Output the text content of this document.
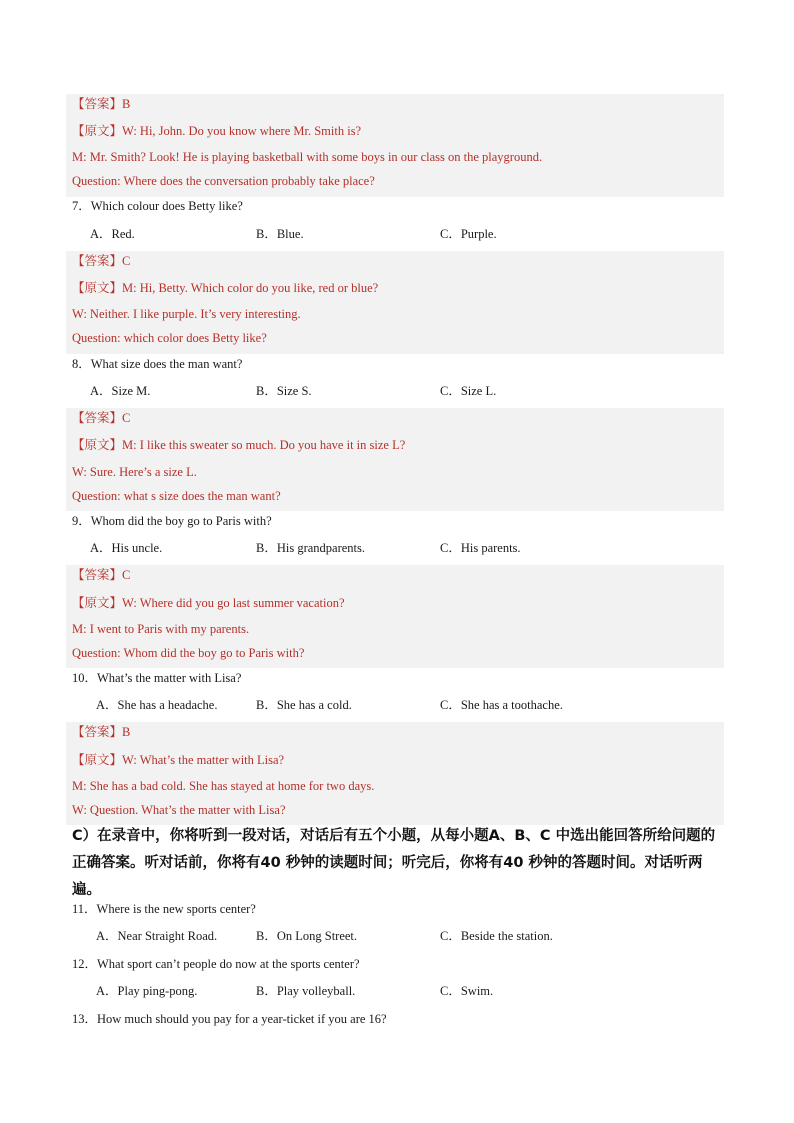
【答案】B
【原文】W: Hi, John. Do you know where Mr. Smith is?
M: Mr. Smith? Look! He is playing basketball with some boys in our class on the playground.
Question: Where does the conversation probably take place?
7．Which colour does Betty like?
A．Red.	B．Blue.	C．Purple.
【答案】C
【原文】M: Hi, Betty. Which color do you like, red or blue?
W: Neither. I like purple. It’s very interesting.
Question: which color does Betty like?
8．What size does the man want?
A．Size M.	B．Size S.	C．Size L.
【答案】C
【原文】M: I like this sweater so much. Do you have it in size L?
W: Sure. Here’s a size L.
Question: what s size does the man want?
9．Whom did the boy go to Paris with?
A．His uncle.	B．His grandparents.	C．His parents.
【答案】C
【原文】W: Where did you go last summer vacation?
M: I went to Paris with my parents.
Question: Whom did the boy go to Paris with?
10．What’s the matter with Lisa?
A．She has a headache.	B．She has a cold.	C．She has a toothache.
【答案】B
【原文】W: What’s the matter with Lisa?
M: She has a bad cold. She has stayed at home for two days.
W: Question. What’s the matter with Lisa?
C）在录音中，你将听到一段对话，对话后有五个小题，从每小题A、B、C 中选出能回答所给问题的正确答案。听对话前，你将有40 秒钟的读题时间；听完后，你将有40 秒钟的答题时间。对话听两遍。
11．Where is the new sports center?
A．Near Straight Road.	B．On Long Street.	C．Beside the station.
12．What sport can’t people do now at the sports center?
A．Play ping-pong.	B．Play volleyball.	C．Swim.
13．How much should you pay for a year-ticket if you are 16?
